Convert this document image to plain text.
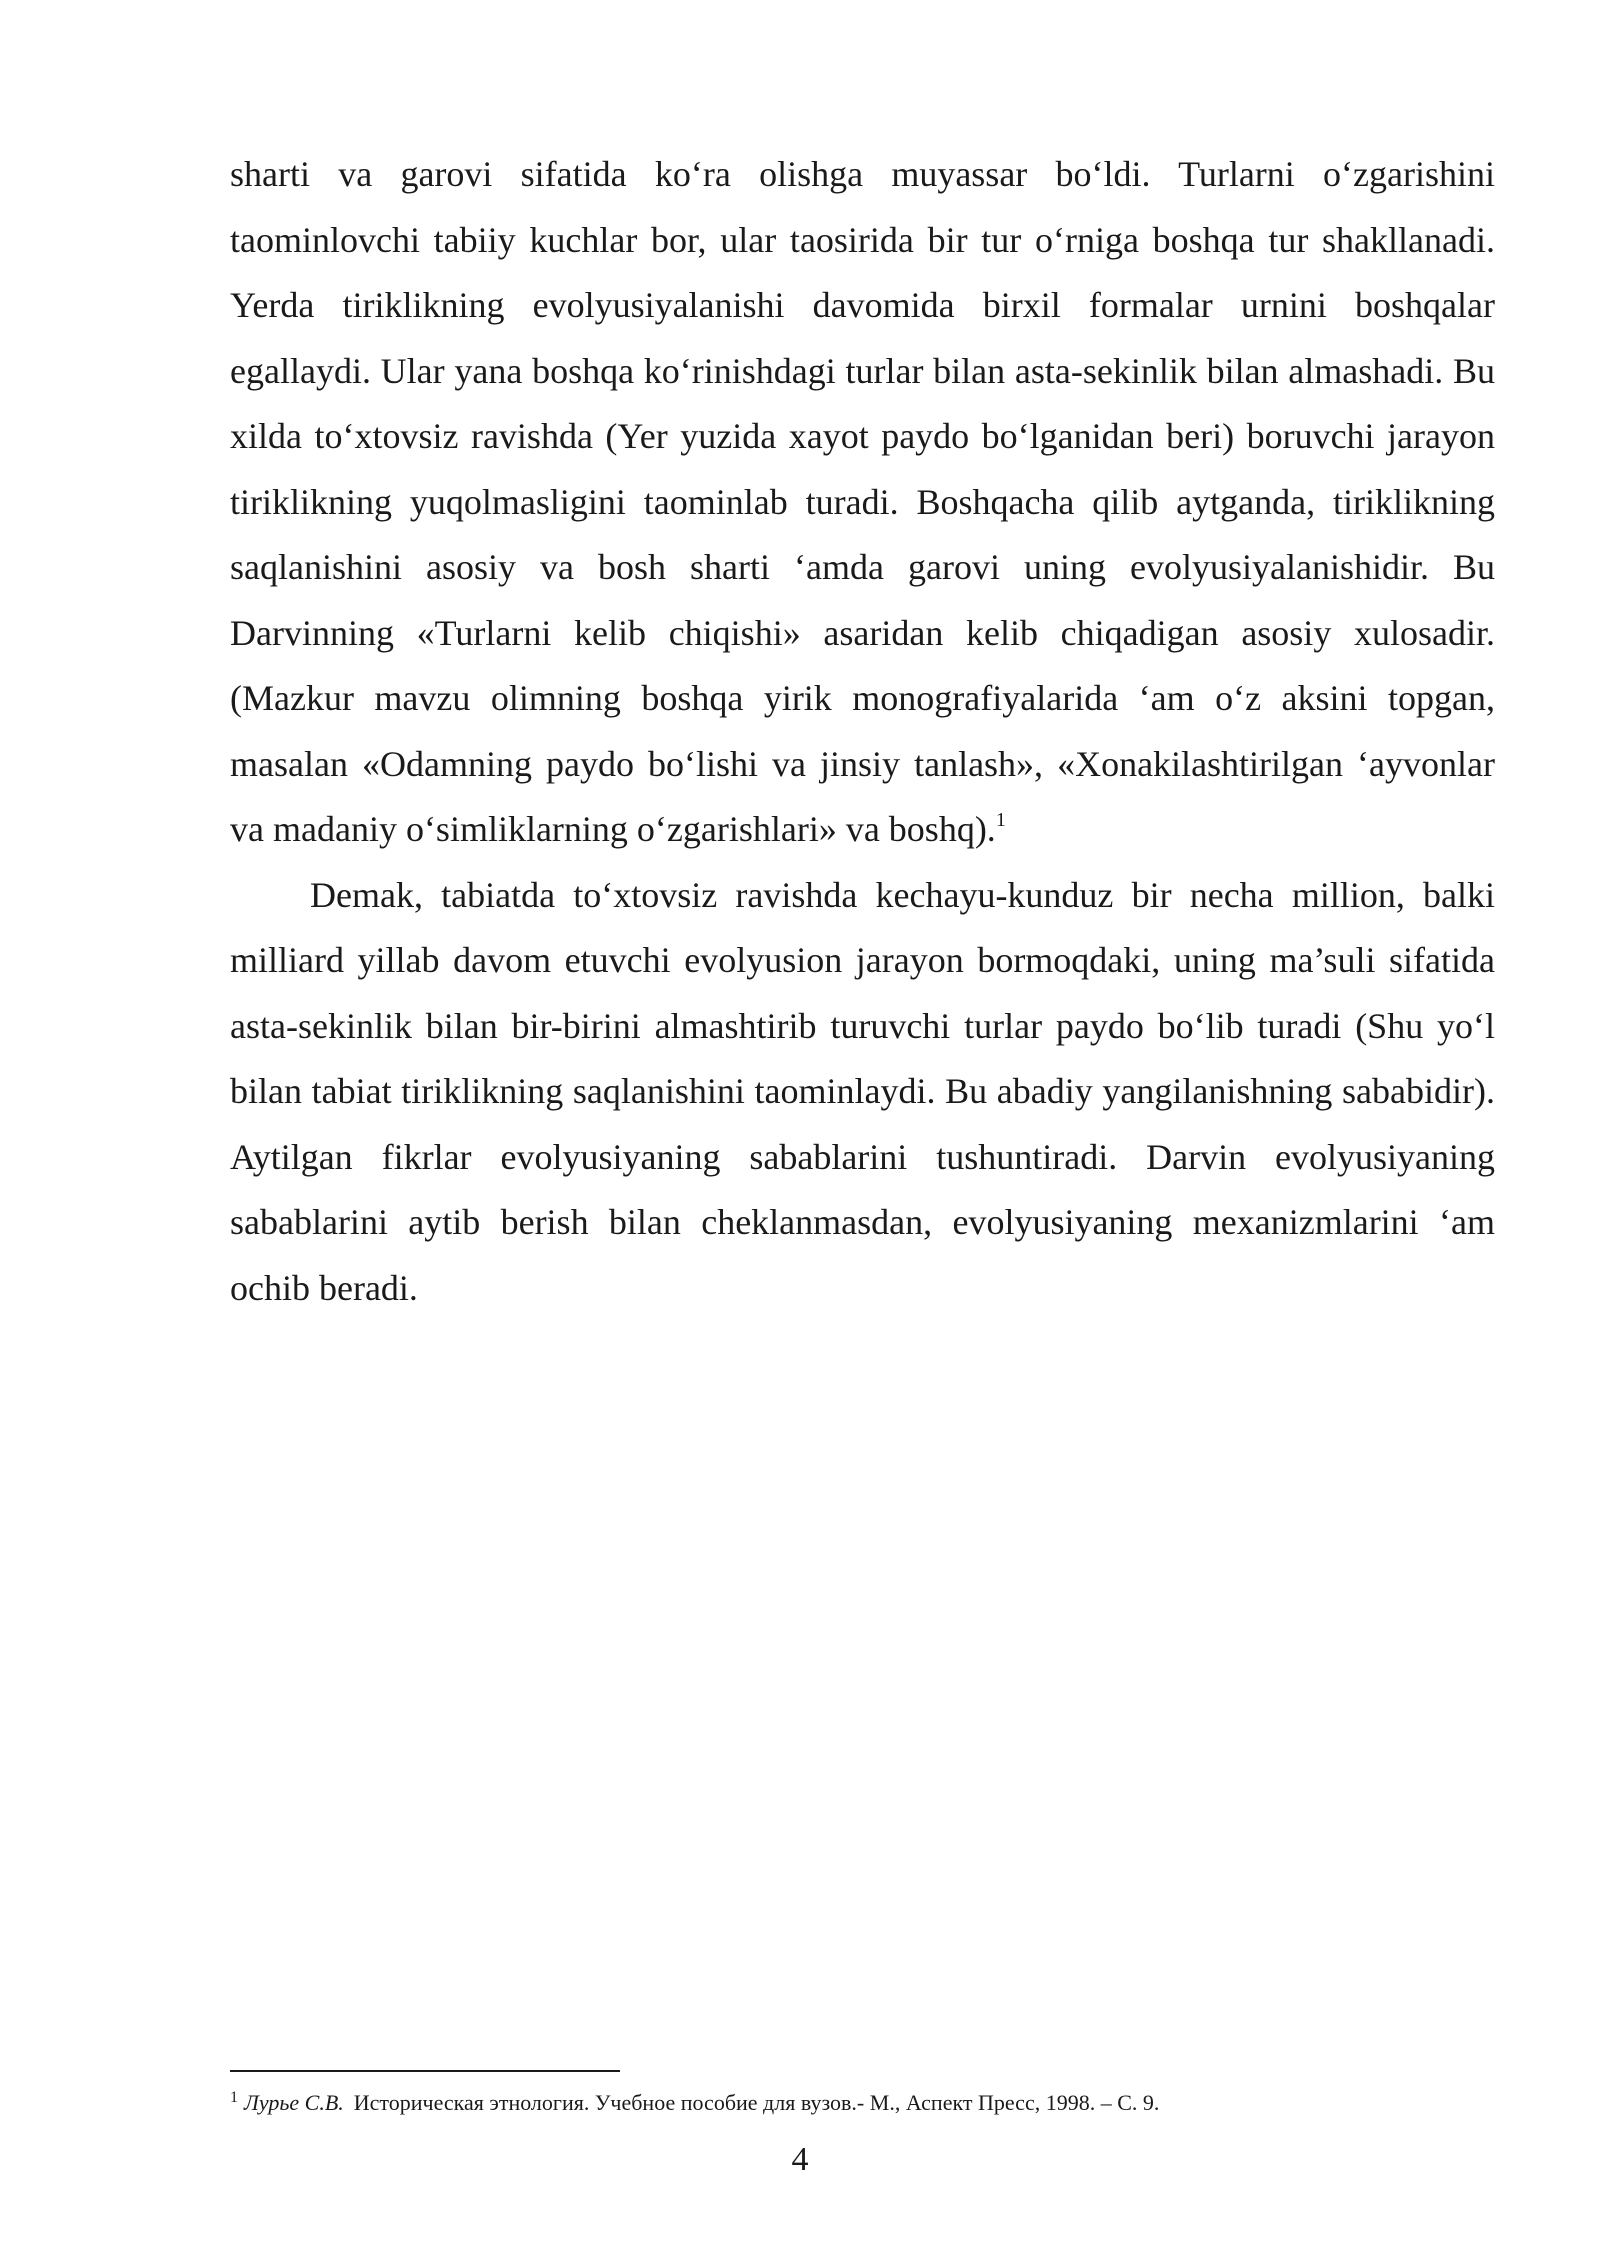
sharti va garovi sifatida ko‘ra olishga muyassar bo‘ldi. Turlarni o‘zgarishini taominlovchi tabiiy kuchlar bor, ular taosirida bir tur o‘rniga boshqa tur shakllanadi. Yerda tiriklikning evolyusiyalanishi davomida birxil formalar urnini boshqalar egallaydi. Ular yana boshqa ko‘rinishdagi turlar bilan asta-sekinlik bilan almashadi. Bu xilda to‘xtovsiz ravishda (Yer yuzida xayot paydo bo‘lganidan beri) boruvchi jarayon tiriklikning yuqolmasligini taominlab turadi. Boshqacha qilib aytganda, tiriklikning saqlanishini asosiy va bosh sharti ‘amda garovi uning evolyusiyalanishidir. Bu Darvinning «Turlarni kelib chiqishi» asaridan kelib chiqadigan asosiy xulosadir. (Mazkur mavzu olimning boshqa yirik monografiyalarida ‘am o‘z aksini topgan, masalan «Odamning paydo bo‘lishi va jinsiy tanlash», «Xonakilashtirilgan ‘ayvonlar va madaniy o‘simliklarning o‘zgarishlari» va boshq).$^1$

Demak, tabiatda to‘xtovsiz ravishda kechayu-kunduz bir necha million, balki milliard yillab davom etuvchi evolyusion jarayon bormoqdaki, uning ma’suli sifatida asta-sekinlik bilan bir-birini almashtirib turuvchi turlar paydo bo‘lib turadi (Shu yo‘l bilan tabiat tiriklikning saqlanishini taominlaydi. Bu abadiy yangilanishning sababidir). Aytilgan fikrlar evolyusiyaning sabablarini tushuntiradi. Darvin evolyusiyaning sabablarini aytib berish bilan cheklanmasdan, evolyusiyaning mexanizmlarini ‘am ochib beradi.

$^1$ Лурье С.В. Историческая этнология. Учебное пособие для вузов.- М., Аспект Пресс, 1998. – С. 9.
4
